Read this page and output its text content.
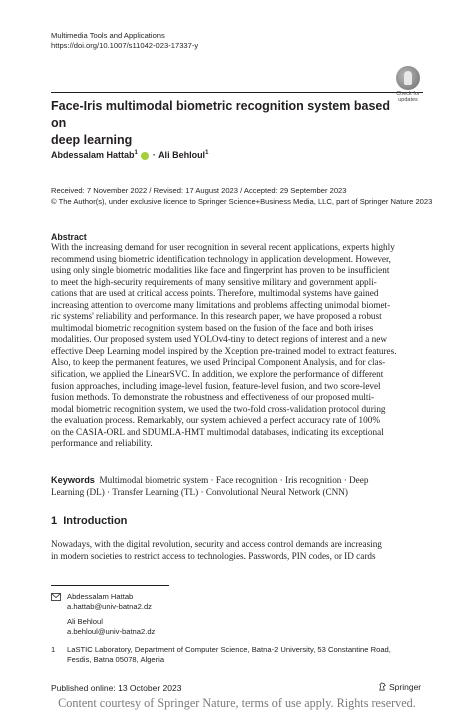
Multimedia Tools and Applications
https://doi.org/10.1007/s11042-023-17337-y
Check for
updates
Face-Iris multimodal biometric recognition system based on
deep learning
Abdessalam Hattab$^1$  · Ali Behloul$^1$
Received: 7 November 2022 / Revised: 17 August 2023 / Accepted: 29 September 2023
© The Author(s), under exclusive licence to Springer Science+Business Media, LLC, part of Springer Nature 2023
Abstract
With the increasing demand for user recognition in several recent applications, experts highly
recommend using biometric identification technology in application development. However,
using only single biometric modalities like face and fingerprint has proven to be insufficient
to meet the high-security requirements of many sensitive military and government appli-
cations that are used at critical access points. Therefore, multimodal systems have gained
increasing attention to overcome many limitations and problems affecting unimodal biomet-
ric systems' reliability and performance. In this research paper, we have proposed a robust
multimodal biometric recognition system based on the fusion of the face and both irises
modalities. Our proposed system used YOLOv4-tiny to detect regions of interest and a new
effective Deep Learning model inspired by the Xception pre-trained model to extract features.
Also, to keep the permanent features, we used Principal Component Analysis, and for clas-
sification, we applied the LinearSVC. In addition, we explore the performance of different
fusion approaches, including image-level fusion, feature-level fusion, and two score-level
fusion methods. To demonstrate the robustness and effectiveness of our proposed multi-
modal biometric recognition system, we used the two-fold cross-validation protocol during
the evaluation process. Remarkably, our system achieved a perfect accuracy rate of 100%
on the CASIA-ORL and SDUMLA-HMT multimodal databases, indicating its exceptional
performance and reliability.
Keywords Multimodal biometric system · Face recognition · Iris recognition · Deep
Learning (DL) · Transfer Learning (TL) · Convolutional Neural Network (CNN)
1 Introduction
Nowadays, with the digital revolution, security and access control demands are increasing
in modern societies to restrict access to technologies. Passwords, PIN codes, or ID cards
Abdessalam Hattab
a.hattab@univ-batna2.dz
Ali Behloul
a.behloul@univ-batna2.dz
1 LaSTIC Laboratory, Department of Computer Science, Batna-2 University, 53 Constantine Road,
Fesdis, Batna 05078, Algeria
Published online: 13 October 2023	Springer
Content courtesy of Springer Nature, terms of use apply. Rights reserved.
